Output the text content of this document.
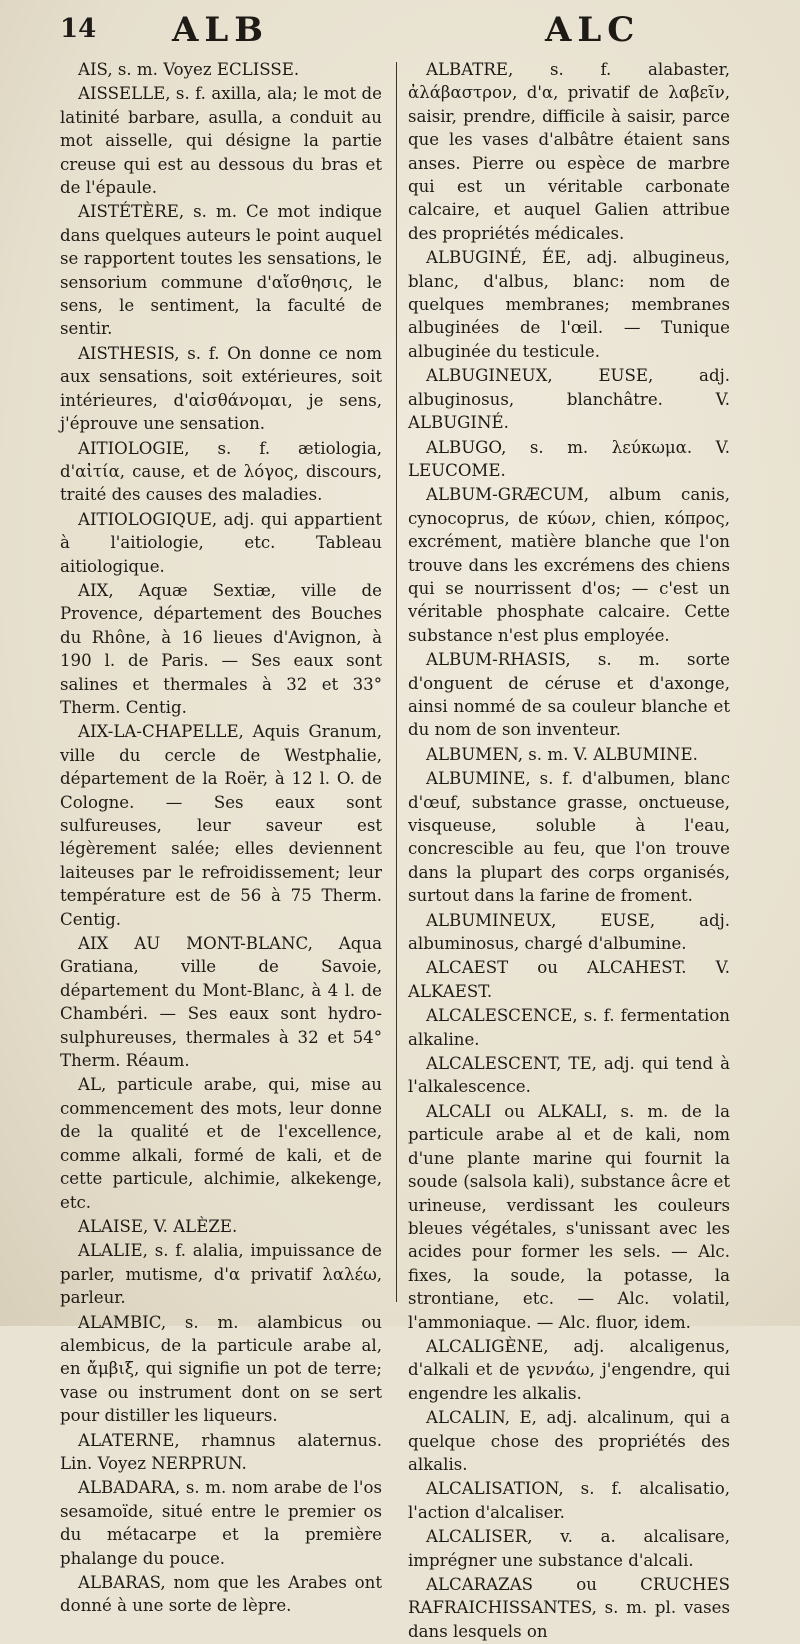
14 ALB	ALC

AIS, s. m. Voyez ECLISSE.

AISSELLE, s. f. axilla, ala; le mot de latinité barbare, asulla, a conduit au mot aisselle, qui désigne la partie creuse qui est au dessous du bras et de l'épaule.

AISTÉTÈRE, s. m. Ce mot indique dans quelques auteurs le point auquel se rapportent toutes les sensations, le sensorium commune d'αἴσθησις, le sens, le sentiment, la faculté de sentir.

AISTHESIS, s. f. On donne ce nom aux sensations, soit extérieures, soit intérieures, d'αἰσθάνομαι, je sens, j'éprouve une sensation.

AITIOLOGIE, s. f. ætiologia, d'αἰτία, cause, et de λόγος, discours, traité des causes des maladies.

AITIOLOGIQUE, adj. qui appartient à l'aitiologie, etc. Tableau aitiologique.

AIX, Aquæ Sextiæ, ville de Provence, département des Bouches du Rhône, à 16 lieues d'Avignon, à 190 l. de Paris. — Ses eaux sont salines et thermales à 32 et 33° Therm. Centig.

AIX-LA-CHAPELLE, Aquis Granum, ville du cercle de Westphalie, département de la Roër, à 12 l. O. de Cologne. — Ses eaux sont sulfureuses, leur saveur est légèrement salée; elles deviennent laiteuses par le refroidissement; leur température est de 56 à 75 Therm. Centig.

AIX AU MONT-BLANC, Aqua Gratiana, ville de Savoie, département du Mont-Blanc, à 4 l. de Chambéri. — Ses eaux sont hydro-sulphureuses, thermales à 32 et 54° Therm. Réaum.

AL, particule arabe, qui, mise au commencement des mots, leur donne de la qualité et de l'excellence, comme alkali, formé de kali, et de cette particule, alchimie, alkekenge, etc.

ALAISE, V. ALÈZE.

ALALIE, s. f. alalia, impuissance de parler, mutisme, d'α privatif λαλέω, parleur.

ALAMBIC, s. m. alambicus ou alembicus, de la particule arabe al, en ἄμβιξ, qui signifie un pot de terre; vase ou instrument dont on se sert pour distiller les liqueurs.

ALATERNE, rhamnus alaternus. Lin. Voyez NERPRUN.

ALBADARA, s. m. nom arabe de l'os sesamoïde, situé entre le premier os du métacarpe et la première phalange du pouce.

ALBARAS, nom que les Arabes ont donné à une sorte de lèpre.

ALBATRE, s. f. alabaster, ἀλάβαστρον, d'α, privatif de λαβεῖν, saisir, prendre, difficile à saisir, parce que les vases d'albâtre étaient sans anses. Pierre ou espèce de marbre qui est un véritable carbonate calcaire, et auquel Galien attribue des propriétés médicales.

ALBUGINÉ, ÉE, adj. albugineus, blanc, d'albus, blanc: nom de quelques membranes; membranes albuginées de l'œil. — Tunique albuginée du testicule.

ALBUGINEUX, EUSE, adj. albuginosus, blanchâtre. V. ALBUGINÉ.

ALBUGO, s. m. λεύκωμα. V. LEUCOME.

ALBUM-GRÆCUM, album canis, cynocoprus, de κύων, chien, κόπρος, excrément, matière blanche que l'on trouve dans les excrémens des chiens qui se nourrissent d'os; — c'est un véritable phosphate calcaire. Cette substance n'est plus employée.

ALBUM-RHASIS, s. m. sorte d'onguent de céruse et d'axonge, ainsi nommé de sa couleur blanche et du nom de son inventeur.

ALBUMEN, s. m. V. ALBUMINE.

ALBUMINE, s. f. d'albumen, blanc d'œuf, substance grasse, onctueuse, visqueuse, soluble à l'eau, concrescible au feu, que l'on trouve dans la plupart des corps organisés, surtout dans la farine de froment.

ALBUMINEUX, EUSE, adj. albuminosus, chargé d'albumine.

ALCAEST ou ALCAHEST. V. ALKAEST.

ALCALESCENCE, s. f. fermentation alkaline.

ALCALESCENT, TE, adj. qui tend à l'alkalescence.

ALCALI ou ALKALI, s. m. de la particule arabe al et de kali, nom d'une plante marine qui fournit la soude (salsola kali), substance âcre et urineuse, verdissant les couleurs bleues végétales, s'unissant avec les acides pour former les sels. — Alc. fixes, la soude, la potasse, la strontiane, etc. — Alc. volatil, l'ammoniaque. — Alc. fluor, idem.

ALCALIGÈNE, adj. alcaligenus, d'alkali et de γεννάω, j'engendre, qui engendre les alkalis.

ALCALIN, E, adj. alcalinum, qui a quelque chose des propriétés des alkalis.

ALCALISATION, s. f. alcalisatio, l'action d'alcaliser.

ALCALISER, v. a. alcalisare, imprégner une substance d'alcali.

ALCARAZAS ou CRUCHES RAFRAICHISSANTES, s. m. pl. vases dans lesquels on
